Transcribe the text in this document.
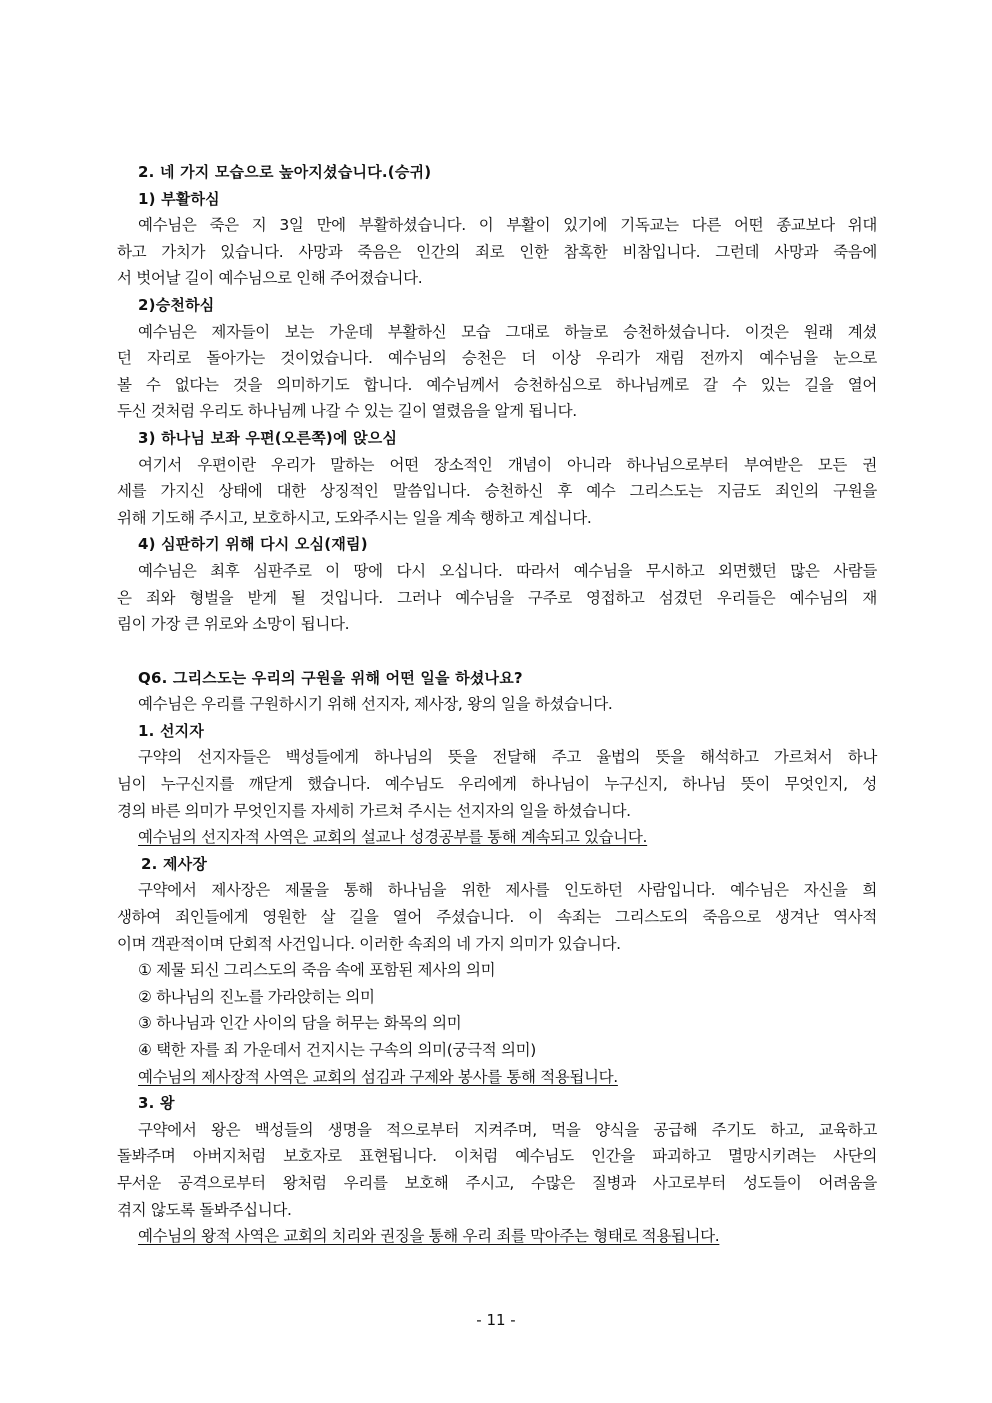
2. 네 가지 모습으로 높아지셨습니다.(승귀)
1) 부활하심
예수님은 죽은 지 3일 만에 부활하셨습니다. 이 부활이 있기에 기독교는 다른 어떤 종교보다 위대
하고 가치가 있습니다. 사망과 죽음은 인간의 죄로 인한 참혹한 비참입니다. 그런데 사망과 죽음에
서 벗어날 길이 예수님으로 인해 주어졌습니다.
2)승천하심
예수님은 제자들이 보는 가운데 부활하신 모습 그대로 하늘로 승천하셨습니다. 이것은 원래 계셨
던 자리로 돌아가는 것이었습니다. 예수님의 승천은 더 이상 우리가 재림 전까지 예수님을 눈으로
볼 수 없다는 것을 의미하기도 합니다. 예수님께서 승천하심으로 하나님께로 갈 수 있는 길을 열어
두신 것처럼 우리도 하나님께 나갈 수 있는 길이 열렸음을 알게 됩니다.
3) 하나님 보좌 우편(오른쪽)에 앉으심
여기서 우편이란 우리가 말하는 어떤 장소적인 개념이 아니라 하나님으로부터 부여받은 모든 권
세를 가지신 상태에 대한 상징적인 말씀입니다. 승천하신 후 예수 그리스도는 지금도 죄인의 구원을
위해 기도해 주시고, 보호하시고, 도와주시는 일을 계속 행하고 계십니다.
4) 심판하기 위해 다시 오심(재림)
예수님은 최후 심판주로 이 땅에 다시 오십니다. 따라서 예수님을 무시하고 외면했던 많은 사람들
은 죄와 형벌을 받게 될 것입니다. 그러나 예수님을 구주로 영접하고 섬겼던 우리들은 예수님의 재
림이 가장 큰 위로와 소망이 됩니다.
Q6. 그리스도는 우리의 구원을 위해 어떤 일을 하셨나요?
예수님은 우리를 구원하시기 위해 선지자, 제사장, 왕의 일을 하셨습니다.
1. 선지자
구약의 선지자들은 백성들에게 하나님의 뜻을 전달해 주고 율법의 뜻을 해석하고 가르쳐서 하나
님이 누구신지를 깨닫게 했습니다. 예수님도 우리에게 하나님이 누구신지, 하나님 뜻이 무엇인지, 성
경의 바른 의미가 무엇인지를 자세히 가르쳐 주시는 선지자의 일을 하셨습니다.
예수님의 선지자적 사역은 교회의 설교나 성경공부를 통해 계속되고 있습니다.
2. 제사장
구약에서 제사장은 제물을 통해 하나님을 위한 제사를 인도하던 사람입니다. 예수님은 자신을 희
생하여 죄인들에게 영원한 살 길을 열어 주셨습니다. 이 속죄는 그리스도의 죽음으로 생겨난 역사적
이며 객관적이며 단회적 사건입니다. 이러한 속죄의 네 가지 의미가 있습니다.
① 제물 되신 그리스도의 죽음 속에 포함된 제사의 의미
② 하나님의 진노를 가라앉히는 의미
③ 하나님과 인간 사이의 담을 허무는 화목의 의미
④ 택한 자를 죄 가운데서 건지시는 구속의 의미(궁극적 의미)
예수님의 제사장적 사역은 교회의 섬김과 구제와 봉사를 통해 적용됩니다.
3. 왕
구약에서 왕은 백성들의 생명을 적으로부터 지켜주며, 먹을 양식을 공급해 주기도 하고, 교육하고
돌봐주며 아버지처럼 보호자로 표현됩니다. 이처럼 예수님도 인간을 파괴하고 멸망시키려는 사단의
무서운 공격으로부터 왕처럼 우리를 보호해 주시고, 수많은 질병과 사고로부터 성도들이 어려움을
겪지 않도록 돌봐주십니다.
예수님의 왕적 사역은 교회의 치리와 권징을 통해 우리 죄를 막아주는 형태로 적용됩니다.
- 11 -
